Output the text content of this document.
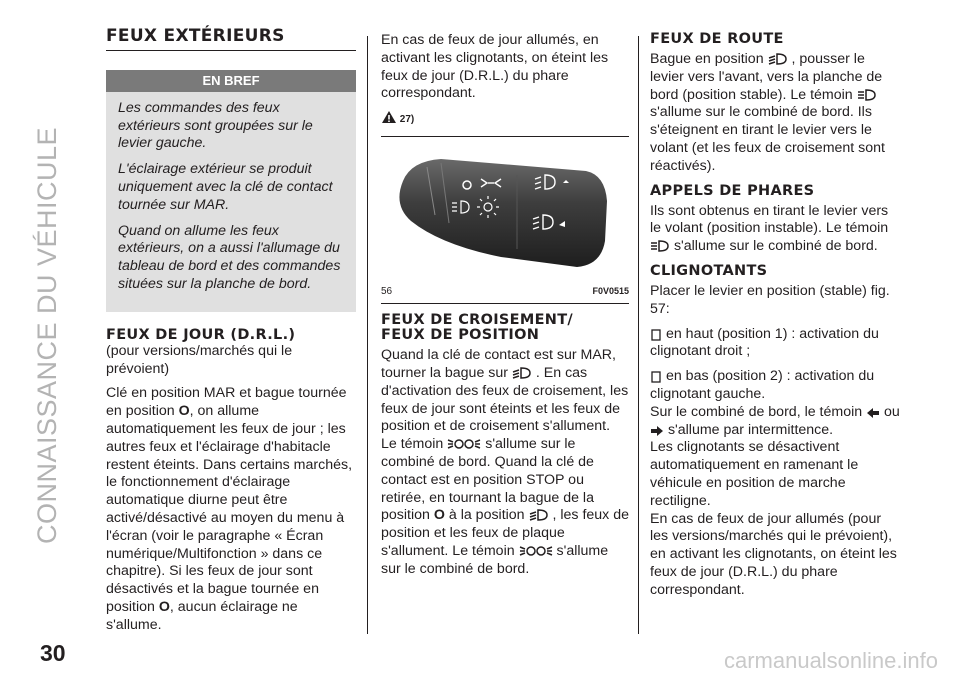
CONNAISSANCE DU VÉHICULE
30	carmanualsonline.info
FEUX EXTÉRIEURS
EN BREF

Les commandes des feux extérieurs sont groupées sur le levier gauche.

L'éclairage extérieur se produit uniquement avec la clé de contact tournée sur MAR.

Quand on allume les feux extérieurs, on a aussi l'allumage du tableau de bord et des commandes situées sur la planche de bord.

FEUX DE JOUR (D.R.L.)

(pour versions/marchés qui le prévoient)

Clé en position MAR et bague tournée en position O, on allume automatiquement les feux de jour ; les autres feux et l'éclairage d'habitacle restent éteints. Dans certains marchés, le fonctionnement d'éclairage automatique diurne peut être activé/désactivé au moyen du menu à l'écran (voir le paragraphe « Écran numérique/Multifonction » dans ce chapitre). Si les feux de jour sont désactivés et la bague tournée en position O, aucun éclairage ne s'allume.

En cas de feux de jour allumés, en activant les clignotants, on éteint les feux de jour (D.R.L.) du phare correspondant.

27)
56	F0V0515
FEUX DE CROISEMENT/
FEUX DE POSITION

Quand la clé de contact est sur MAR, tourner la bague sur . En cas d'activation des feux de croisement, les feux de jour sont éteints et les feux de position et de croisement s'allument. Le témoin	s'allume sur le combiné de bord. Quand la clé de contact est en position STOP ou retirée, en tournant la bague de la position O à la position , les feux de position et les feux de plaque s'allument. Le témoin	s'allume sur le combiné de bord.

FEUX DE ROUTE

Bague en position , pousser le levier vers l'avant, vers la planche de bord (position stable). Le témoin  s'allume sur le combiné de bord. Ils s'éteignent en tirant le levier vers le volant (et les feux de croisement sont réactivés).

APPELS DE PHARES

Ils sont obtenus en tirant le levier vers le volant (position instable). Le témoin  s'allume sur le combiné de bord.

CLIGNOTANTS

Placer le levier en position (stable) fig. 57:

en haut (position 1) : activation du clignotant droit ;

en bas (position 2) : activation du clignotant gauche.

Sur le combiné de bord, le témoin ou  s'allume par intermittence.

Les clignotants se désactivent automatiquement en ramenant le véhicule en position de marche rectiligne.

En cas de feux de jour allumés (pour les versions/marchés qui le prévoient), en activant les clignotants, on éteint les feux de jour (D.R.L.) du phare correspondant.
